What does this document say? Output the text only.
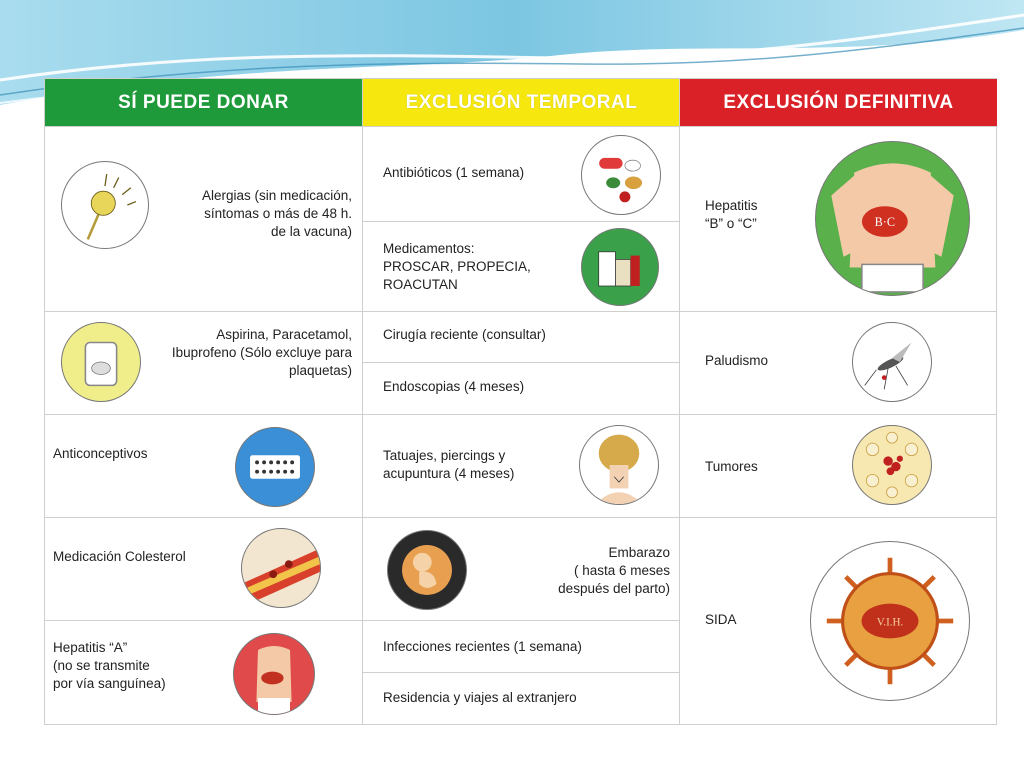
SÍ PUEDE DONAR
Alergias (sin medicación,
síntomas o más de 48 h.
de la vacuna)
Aspirina, Paracetamol,
Ibuprofeno (Sólo excluye para
plaquetas)
Anticonceptivos
Medicación Colesterol
Hepatitis “A”
(no se transmite
por vía sanguínea)
EXCLUSIÓN TEMPORAL
Antibióticos (1 semana)
Medicamentos:
PROSCAR, PROPECIA,
ROACUTAN
Cirugía reciente (consultar)
Endoscopias (4 meses)
Tatuajes, piercings y
acupuntura (4 meses)
Embarazo
( hasta 6 meses
después del parto)
Infecciones recientes (1 semana)
Residencia y viajes al extranjero
EXCLUSIÓN DEFINITIVA
Hepatitis
“B” o “C”	B·C
Paludismo
Tumores
SIDA	V.I.H.
